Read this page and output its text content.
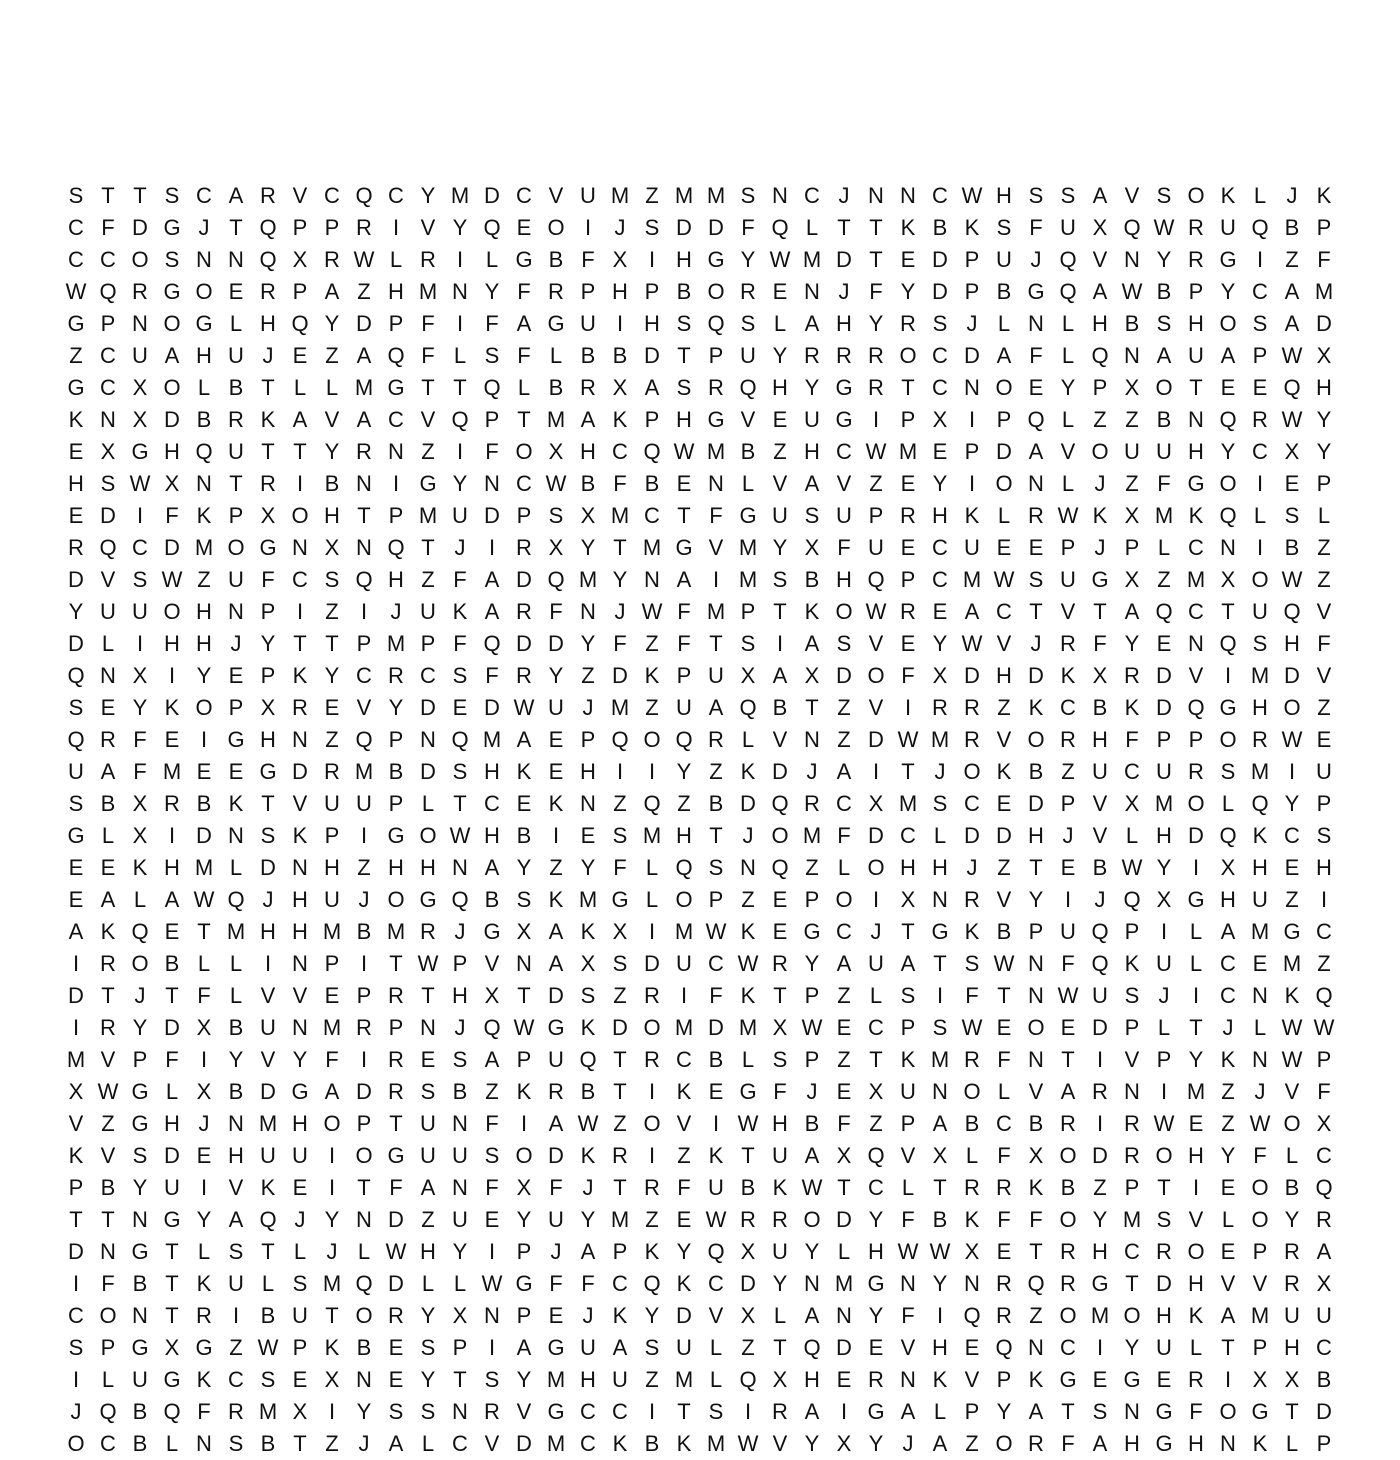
S T T S C A R V C Q C Y M D C V U M Z M M S N C J N N C W H S S A V S O K L J K
C F D G J T Q P P R I V Y Q E O I	J S D D F Q L T T K B K S F U X Q W R U Q B P
C C O S N N Q X R W L R I	L G B F X I H G Y W M D T E D P U J Q V N Y R G I	Z F
W Q R G O E R P A Z H M N Y F R P H P B O R E N J F Y D P B G Q A W B P Y C A M
G P N O G L H Q Y D P F	I	F A G U I H S Q S L A H Y R S J L N L H B S H O S A D
Z C U A H U J E Z A Q F L S F L B B D T P U Y R R R O C D A F L Q N A U A P W X
G C X O L B T L L M G T T Q L B R X A S R Q H Y G R T C N O E Y P X O T E E Q H
K N X D B R K A V A C V Q P T M A K P H G V E U G I P X I P Q L Z Z B N Q R W Y
E X G H Q U T T Y R N Z	I	F O X H C Q W M B Z H C W M E P D A V O U U H Y C X Y
H S W X N T R I B N I G Y N C W B F B E N L V A V Z E Y I O N L J Z F G O I E P
E D I	F K P X O H T P M U D P S X M C T F G U S U P R H K L R W K X M K Q L S L
R Q C D M O G N X N Q T J	I R X Y T M G V M Y X F U E C U E E P J P L C N I B Z
D V S W Z U F C S Q H Z F A D Q M Y N A I M S B H Q P C M W S U G X Z M X O W Z
Y U U O H N P I	Z	I	J U K A R F N J W F M P T K O W R E A C T V T A Q C T U Q V
D L	I H H J Y T T P M P F Q D D Y F Z F T S I A S V E Y W V J R F Y E N Q S H F
Q N X I Y E P K Y C R C S F R Y Z D K P U X A X D O F X D H D K X R D V I M D V
S E Y K O P X R E V Y D E D W U J M Z U A Q B T Z V I R R Z K C B K D Q G H O Z
Q R F E I G H N Z Q P N Q M A E P Q O Q R L V N Z D W M R V O R H F P P O R W E
U A F M E E G D R M B D S H K E H I	I Y Z K D J A I	T J O K B Z U C U R S M I U
S B X R B K T V U U P L T C E K N Z Q Z B D Q R C X M S C E D P V X M O L Q Y P
G L X I D N S K P I G O W H B I E S M H T J O M F D C L D D H J V L H D Q K C S
E E K H M L D N H Z H H N A Y Z Y F L Q S N Q Z L O H H J Z T E B W Y I X H E H
E A L A W Q J H U J O G Q B S K M G L O P Z E P O I X N R V Y I	J Q X G H U Z	I
A K Q E T M H H M B M R J G X A K X I M W K E G C J T G K B P U Q P I	L A M G C
I R O B L L	I N P I	T W P V N A X S D U C W R Y A U A T S W N F Q K U L C E M Z
D T J T F L V V E P R T H X T D S Z R I	F K T P Z L S I	F T N W U S J	I C N K Q
I R Y D X B U N M R P N J Q W G K D O M D M X W E C P S W E O E D P L T J L W W
M V P F	I Y V Y F	I R E S A P U Q T R C B L S P Z T K M R F N T	I V P Y K N W P
X W G L X B D G A D R S B Z K R B T	I K E G F J E X U N O L V A R N I M Z J V F
V Z G H J N M H O P T U N F	I A W Z O V I W H B F Z P A B C B R I R W E Z W O X
K V S D E H U U I O G U U S O D K R I	Z K T U A X Q V X L F X O D R O H Y F L C
P B Y U I V K E I	T F A N F X F J T R F U B K W T C L T R R K B Z P T	I E O B Q
T T N G Y A Q J Y N D Z U E Y U Y M Z E W R R O D Y F B K F F O Y M S V L O Y R
D N G T L S T L J L W H Y I P J A P K Y Q X U Y L H W W X E T R H C R O E P R A
I	F B T K U L S M Q D L L W G F F C Q K C D Y N M G N Y N R Q R G T D H V V R X
C O N T R I B U T O R Y X N P E J K Y D V X L A N Y F	I Q R Z O M O H K A M U U
S P G X G Z W P K B E S P I A G U A S U L Z T Q D E V H E Q N C I Y U L T P H C
I	L U G K C S E X N E Y T S Y M H U Z M L Q X H E R N K V P K G E G E R I X X B
J Q B Q F R M X I Y S S N R V G C C I	T S I R A I G A L P Y A T S N G F O G T D
O C B L N S B T Z J A L C V D M C K B K M W V Y X Y J A Z O R F A H G H N K L P
